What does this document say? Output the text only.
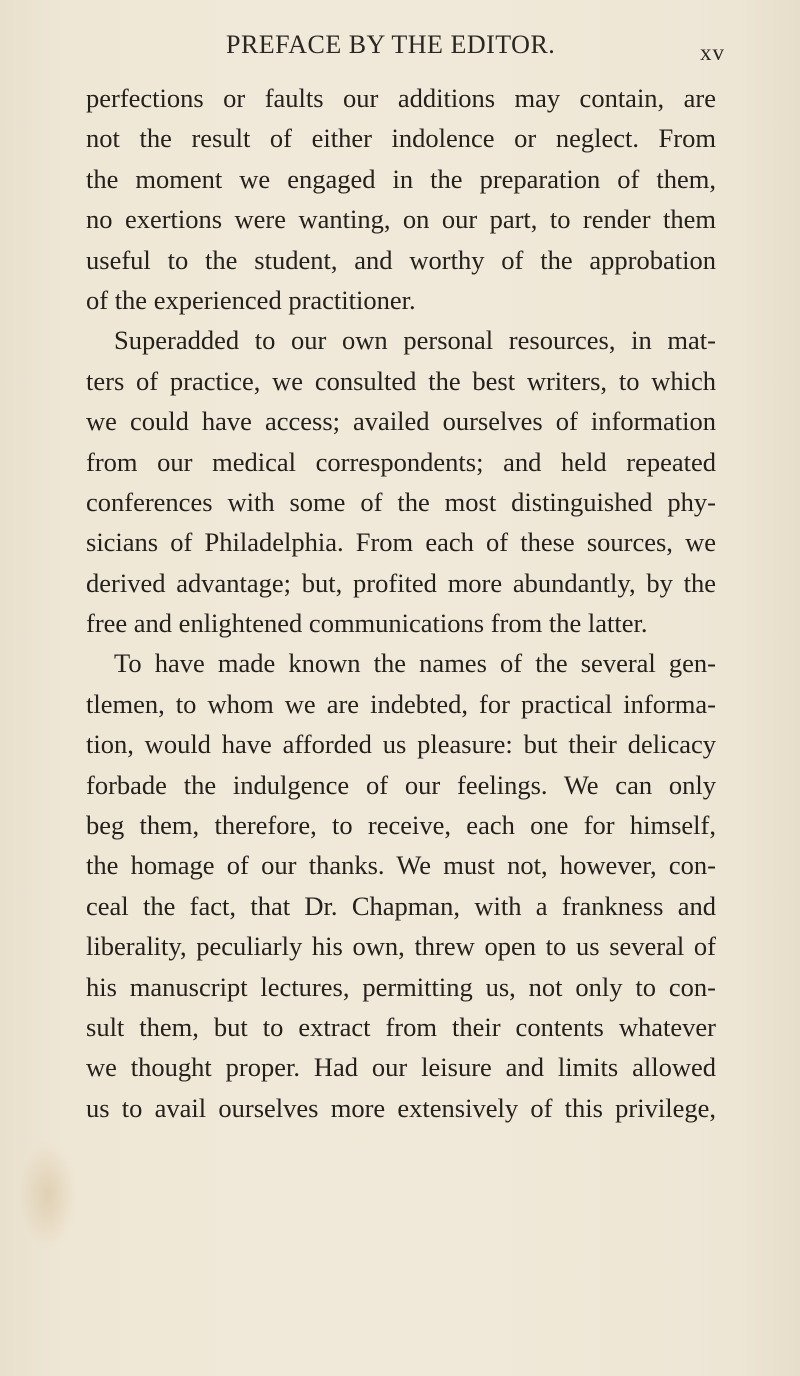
PREFACE BY THE EDITOR.	xv
perfections or faults our additions may contain, are
not the result of either indolence or neglect. From
the moment we engaged in the preparation of them,
no exertions were wanting, on our part, to render them
useful to the student, and worthy of the approbation
of the experienced practitioner.
Superadded to our own personal resources, in mat-
ters of practice, we consulted the best writers, to which
we could have access; availed ourselves of information
from our medical correspondents; and held repeated
conferences with some of the most distinguished phy-
sicians of Philadelphia. From each of these sources, we
derived advantage; but, profited more abundantly, by the
free and enlightened communications from the latter.
To have made known the names of the several gen-
tlemen, to whom we are indebted, for practical informa-
tion, would have afforded us pleasure: but their delicacy
forbade the indulgence of our feelings. We can only
beg them, therefore, to receive, each one for himself,
the homage of our thanks. We must not, however, con-
ceal the fact, that Dr. Chapman, with a frankness and
liberality, peculiarly his own, threw open to us several of
his manuscript lectures, permitting us, not only to con-
sult them, but to extract from their contents whatever
we thought proper. Had our leisure and limits allowed
us to avail ourselves more extensively of this privilege,
